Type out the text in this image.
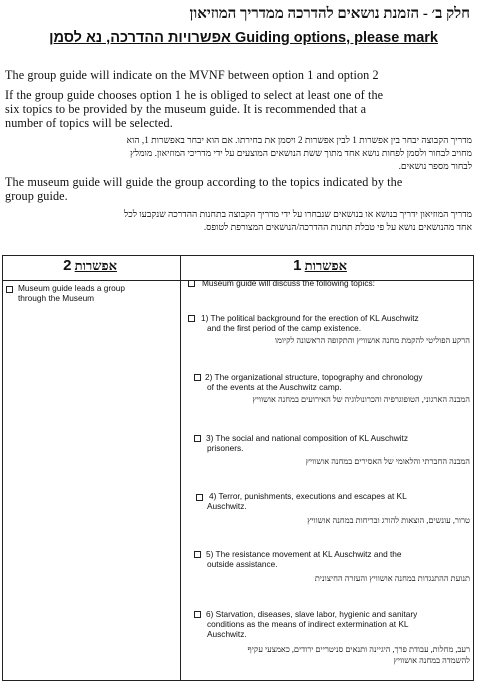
חלק ב׳ - הזמנת נושאים להדרכה ממדריך המוזיאון
אפשרויות ההדרכה, נא לסמן Guiding options, please mark
The group guide will indicate on the MVNF between option 1 and option 2
If the group guide chooses option 1 he is obliged to select at least one of the
six topics to be provided by the museum guide. It is recommended that a
number of topics will be selected.
מדריך הקבוצה יבחר בין אפשרות 1 לבין אפשרות 2 ויסמן את בחירתו. אם הוא יבחר באפשרות 1, הוא
מחויב לבחור ולסמן לפחות נושא אחד מתוך ששת הנושאים המוצעים על ידי מדריכי המוזיאון. מומלץ
לבחור מספר נושאים.
The museum guide will guide the group according to the topics indicated by the
group guide.
מדריך המוזיאון ידריך בנושא או בנושאים שנבחרו על ידי מדריך הקבוצה בתחנות ההדרכה שנקבעו לכל
אחד מהנושאים נושא על פי טבלת תחנות ההדרכה/הנושאים המצורפת לטופס.
2 אפשרות	1 אפשרות
Museum guide leads a group
through the Museum
Museum guide will discuss the following topics:
1) The political background for the erection of KL Auschwitz
and the first period of the camp existence.
הרקע הפוליטי להקמת מחנה אושוויץ והתקופה הראשונה לקיומו
2) The organizational structure, topography and chronology
of the events at the Auschwitz camp.
המבנה הארגוני, הטופוגרפיה והכרונולוגיה של האירועים במחנה אושוויץ
3) The social and national composition of KL Auschwitz
prisoners.
המבנה החברתי והלאומי של האסירים במחנה אושוויץ
4) Terror, punishments, executions and escapes at KL
Auschwitz.
טרור, עונשים, הוצאות להורג ובריחות במחנה אושוויץ
5) The resistance movement at KL Auschwitz and the
outside assistance.
תנועת ההתנגדות במחנה אושוויץ והעזרה החיצונית
6) Starvation, diseases, slave labor, hygienic and sanitary
conditions as the means of indirect extermination at KL
Auschwitz.
רעב, מחלות, עבודת פרך, היגיינה ותנאים סניטריים ירודים, כאמצעי עקיף
להשמדה במחנה אושוויץ
